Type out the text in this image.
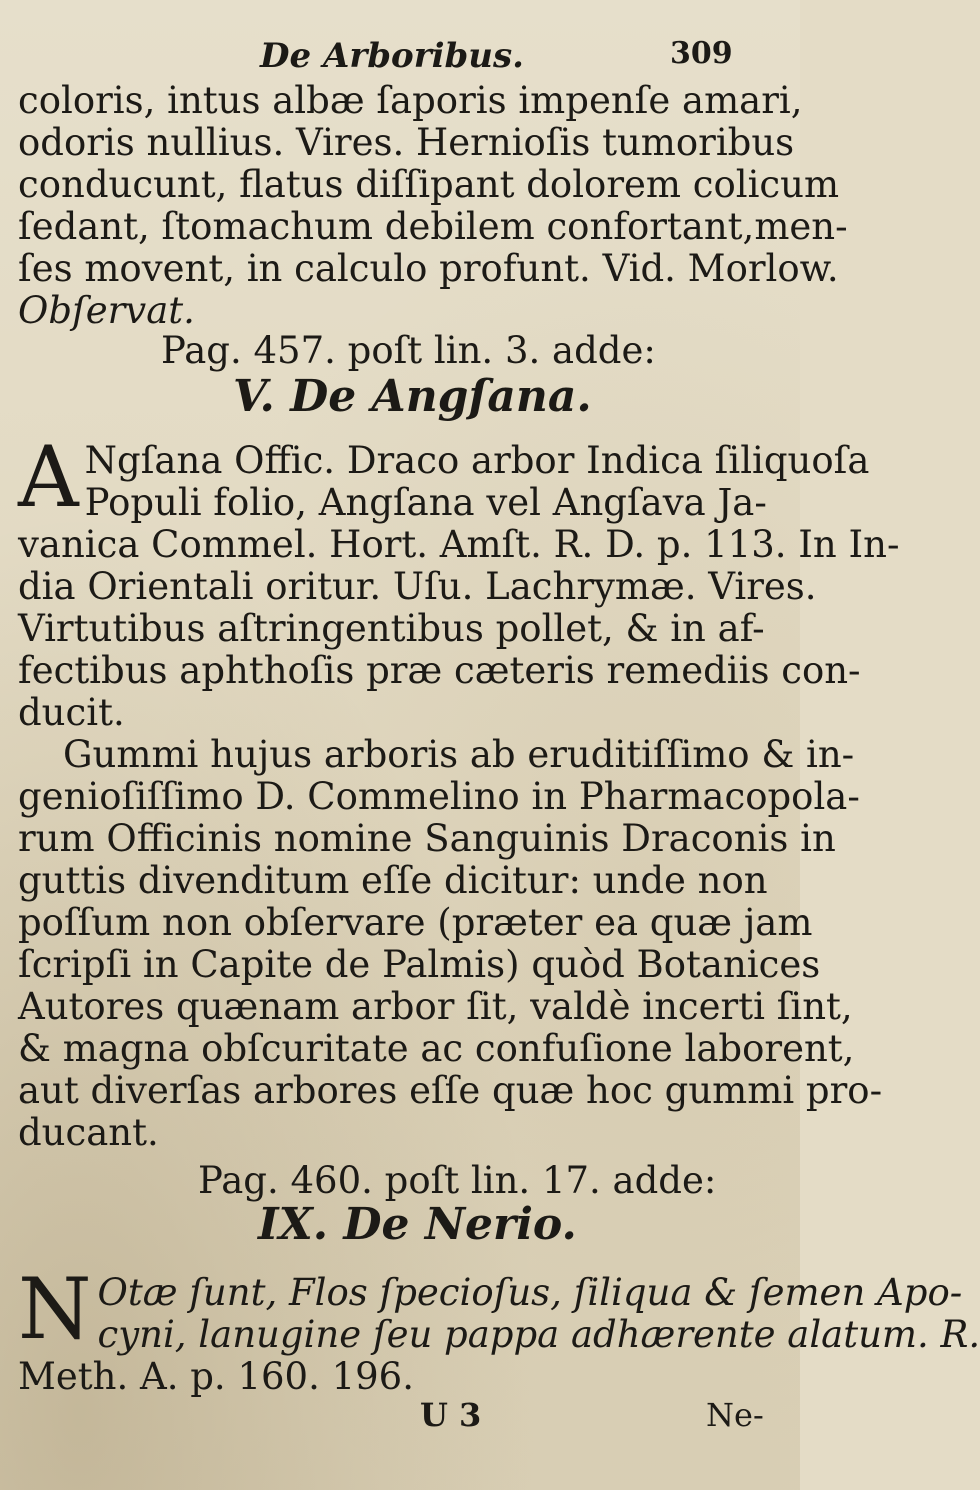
De Arboribus.	309
coloris, intus albæ ſaporis impenſe amari,
odoris nullius. Vires. Hernioſis tumoribus
conducunt, flatus diſſipant dolorem colicum
ſedant, ſtomachum debilem confortant,men-
ſes movent, in calculo profunt. Vid. Morlow.
Obſervat.
Pag. 457. poſt lin. 3. adde:
V. De Angſana.
A Ngſana Offic. Draco arbor Indica ſiliquoſa
Populi folio, Angſana vel Angſava Ja-
vanica Commel. Hort. Amſt. R. D. p. 113. In In-
dia Orientali oritur. Uſu. Lachrymæ. Vires.
Virtutibus aſtringentibus pollet, & in af-
fectibus aphthoſis præ cæteris remediis con-
ducit.
Gummi hujus arboris ab eruditiſſimo & in-
genioſiſſimo D. Commelino in Pharmacopola-
rum Officinis nomine Sanguinis Draconis in
guttis divenditum eſſe dicitur: unde non
poſſum non obſervare (præter ea quæ jam
ſcripſi in Capite de Palmis) quòd Botanices
Autores quænam arbor ſit, valdè incerti ſint,
& magna obſcuritate ac confuſione laborent,
aut diverſas arbores eſſe quæ hoc gummi pro-
ducant.
Pag. 460. poſt lin. 17. adde:
IX. De Nerio.
N Otæ ſunt, Flos ſpecioſus, ſiliqua & ſemen Apo-
cyni, lanugine ſeu pappa adhærente alatum. R.
Meth. A. p. 160. 196.
U 3	Ne-
